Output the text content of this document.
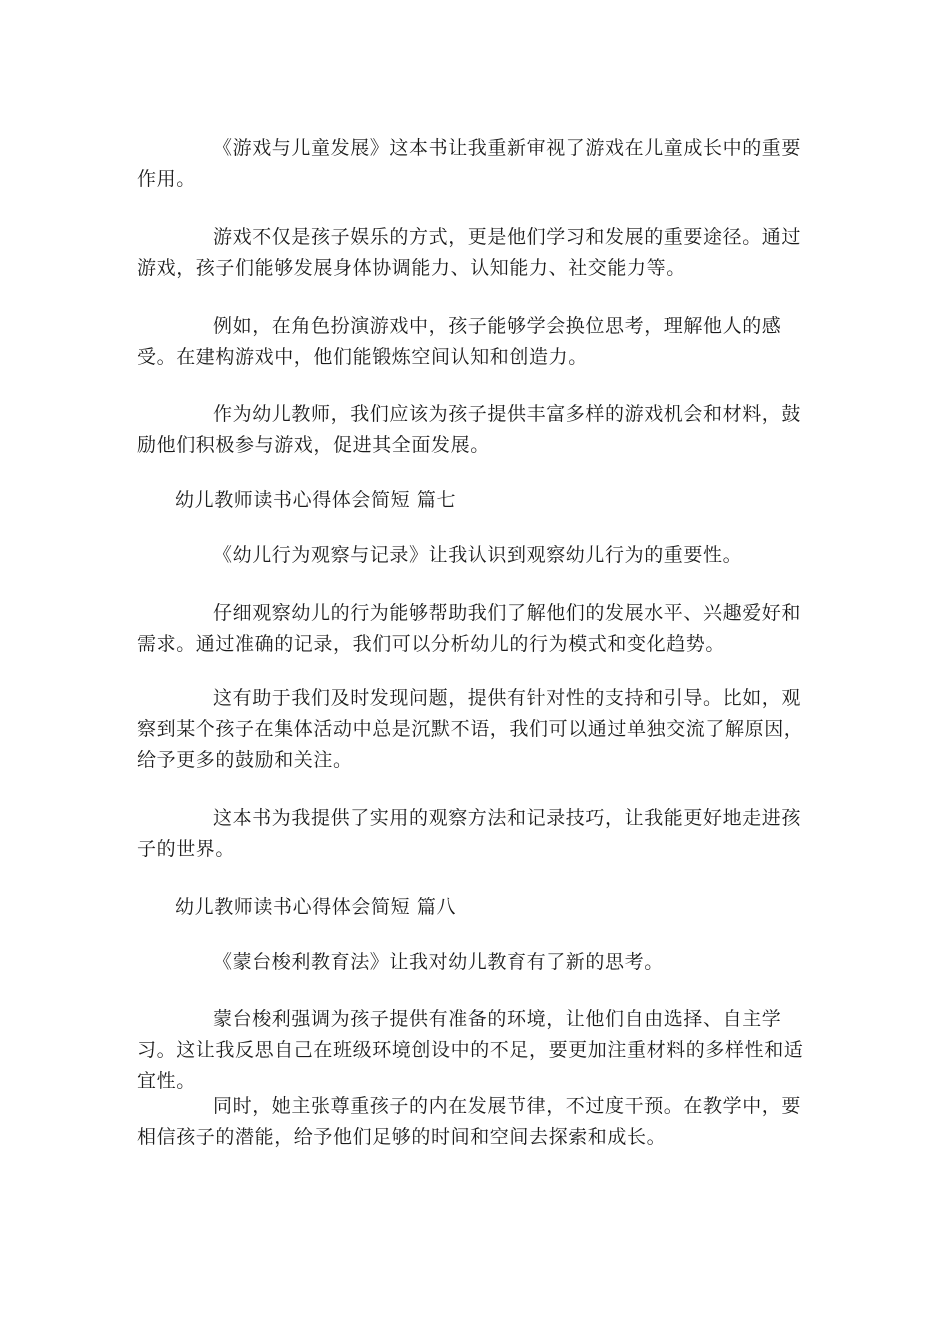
《游戏与儿童发展》这本书让我重新审视了游戏在儿童成长中的重要作用。

游戏不仅是孩子娱乐的方式，更是他们学习和发展的重要途径。通过游戏，孩子们能够发展身体协调能力、认知能力、社交能力等。

例如，在角色扮演游戏中，孩子能够学会换位思考，理解他人的感受。在建构游戏中，他们能锻炼空间认知和创造力。

作为幼儿教师，我们应该为孩子提供丰富多样的游戏机会和材料，鼓励他们积极参与游戏，促进其全面发展。

幼儿教师读书心得体会简短 篇七

《幼儿行为观察与记录》让我认识到观察幼儿行为的重要性。

仔细观察幼儿的行为能够帮助我们了解他们的发展水平、兴趣爱好和需求。通过准确的记录，我们可以分析幼儿的行为模式和变化趋势。

这有助于我们及时发现问题，提供有针对性的支持和引导。比如，观察到某个孩子在集体活动中总是沉默不语，我们可以通过单独交流了解原因，给予更多的鼓励和关注。

这本书为我提供了实用的观察方法和记录技巧，让我能更好地走进孩子的世界。

幼儿教师读书心得体会简短 篇八

《蒙台梭利教育法》让我对幼儿教育有了新的思考。

蒙台梭利强调为孩子提供有准备的环境，让他们自由选择、自主学习。这让我反思自己在班级环境创设中的不足，要更加注重材料的多样性和适宜性。

同时，她主张尊重孩子的内在发展节律，不过度干预。在教学中，要相信孩子的潜能，给予他们足够的时间和空间去探索和成长。
